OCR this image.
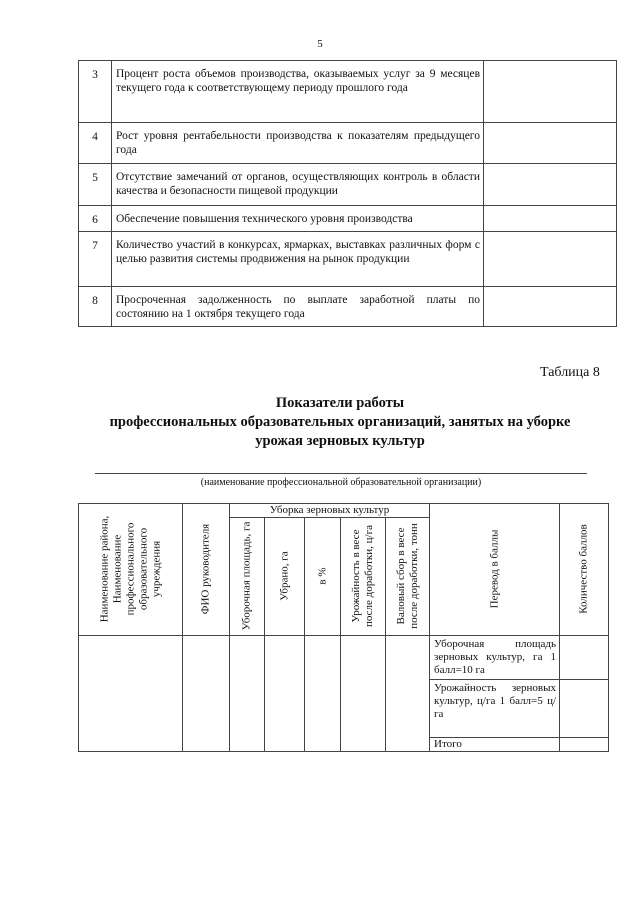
5
3	Процент роста объемов производства, оказываемых услуг за 9 месяцев текущего года к соответствующему периоду прошлого года	
4	Рост уровня рентабельности производства к показателям предыдущего года	
5	Отсутствие замечаний от органов, осуществляющих контроль в области качества и безопасности пищевой продукции	
6	Обеспечение повышения технического уровня производства	
7	Количество участий в конкурсах, ярмарках, выставках различных форм с целью развития системы продвижения на рынок продукции	
8	Просроченная задолженность по выплате заработной платы по состоянию на 1 октября текущего года	
Таблица 8
Показатели работы
профессиональных образовательных организаций, занятых на уборке
урожая зерновых культур
(наименование профессиональной образовательной организации)
Наименование района, Наименование профессионального образовательного учреждения	ФИО руководителя	Уборка зерновых культур					Перевод в баллы	Количество баллов

		Уборочная площадь, га	Убрано, га	в %	Урожайность в весе после доработки, ц/га	Валовый сбор в весе после доработки, тонн		

							Уборочная площадь зерновых культур, га 1 балл=10 га	
							Урожайность зерновых культур, ц/га 1 балл=5 ц/га	
							Итого	
